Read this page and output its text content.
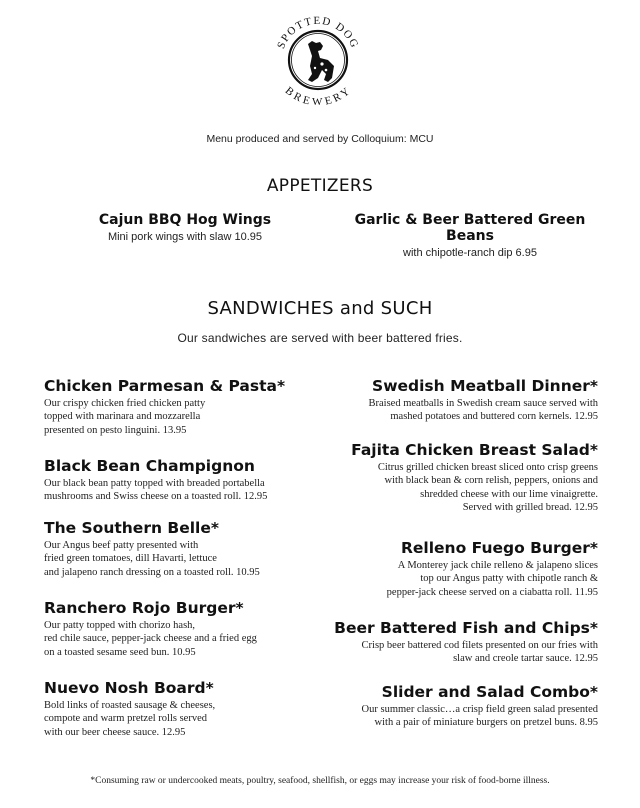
SPOTTED DOG
BREWERY
Menu produced and served by Colloquium: MCU
APPETIZERS
Cajun BBQ Hog Wings
Mini pork wings with slaw 10.95
Garlic & Beer Battered Green Beans
with chipotle-ranch dip 6.95
SANDWICHES and SUCH
Our sandwiches are served with beer battered fries.
Chicken Parmesan & Pasta*
Our crispy chicken fried chicken patty
topped with marinara and mozzarella
presented on pesto linguini. 13.95
Black Bean Champignon
Our black bean patty topped with breaded portabella
mushrooms and Swiss cheese on a toasted roll. 12.95
The Southern Belle*
Our Angus beef patty presented with
fried green tomatoes, dill Havarti, lettuce
and jalapeno ranch dressing on a toasted roll. 10.95
Ranchero Rojo Burger*
Our patty topped with chorizo hash,
red chile sauce, pepper-jack cheese and a fried egg
on a toasted sesame seed bun. 10.95
Nuevo Nosh Board*
Bold links of roasted sausage & cheeses,
compote and warm pretzel rolls served
with our beer cheese sauce. 12.95
Swedish Meatball Dinner*
Braised meatballs in Swedish cream sauce served with
mashed potatoes and buttered corn kernels. 12.95
Fajita Chicken Breast Salad*
Citrus grilled chicken breast sliced onto crisp greens
with black bean & corn relish, peppers, onions and
shredded cheese with our lime vinaigrette.
Served with grilled bread. 12.95
Relleno Fuego Burger*
A Monterey jack chile relleno & jalapeno slices
top our Angus patty with chipotle ranch &
pepper-jack cheese served on a ciabatta roll. 11.95
Beer Battered Fish and Chips*
Crisp beer battered cod filets presented on our fries with
slaw and creole tartar sauce. 12.95
Slider and Salad Combo*
Our summer classic…a crisp field green salad presented
with a pair of miniature burgers on pretzel buns. 8.95
*Consuming raw or undercooked meats, poultry, seafood, shellfish, or eggs may increase your risk of food-borne illness.
